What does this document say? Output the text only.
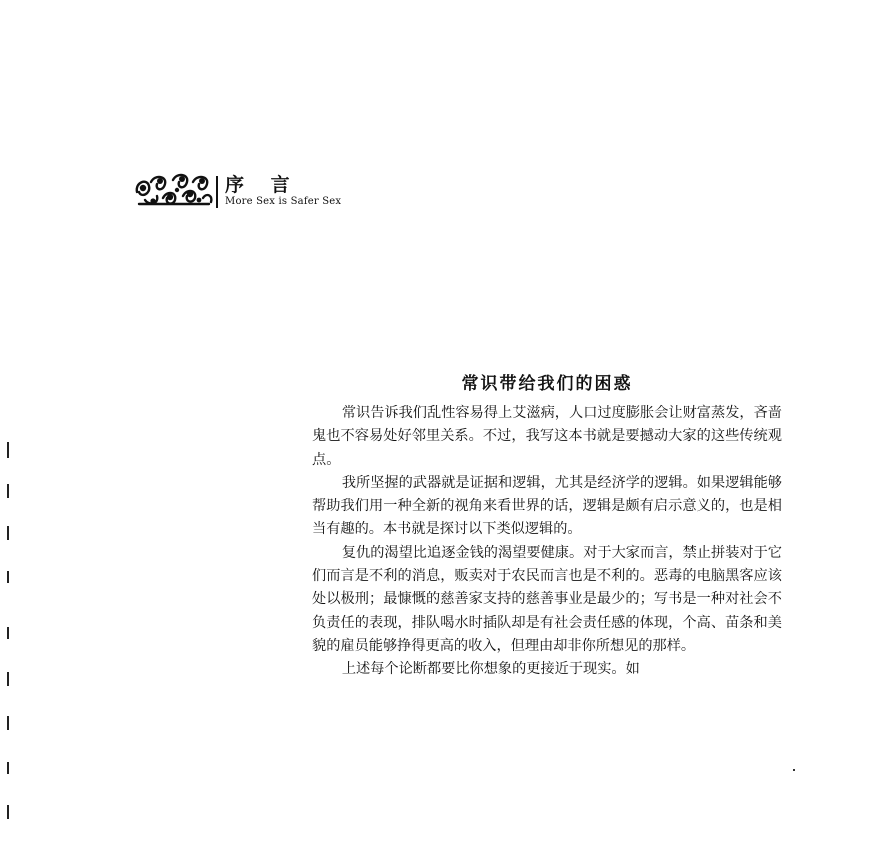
序 言
More Sex is Safer Sex
常识带给我们的困惑

常识告诉我们乱性容易得上艾滋病，人口过度膨胀会让财富蒸发，吝啬鬼也不容易处好邻里关系。不过，我写这本书就是要撼动大家的这些传统观点。

我所坚握的武器就是证据和逻辑，尤其是经济学的逻辑。如果逻辑能够帮助我们用一种全新的视角来看世界的话，逻辑是颇有启示意义的，也是相当有趣的。本书就是探讨以下类似逻辑的。

复仇的渴望比追逐金钱的渴望要健康。对于大家而言，禁止拼装对于它们而言是不利的消息，贩卖对于农民而言也是不利的。恶毒的电脑黑客应该处以极刑；最慷慨的慈善家支持的慈善事业是最少的；写书是一种对社会不负责任的表现，排队喝水时插队却是有社会责任感的体现，个高、苗条和美貌的雇员能够挣得更高的收入，但理由却非你所想见的那样。

上述每个论断都要比你想象的更接近于现实。如
